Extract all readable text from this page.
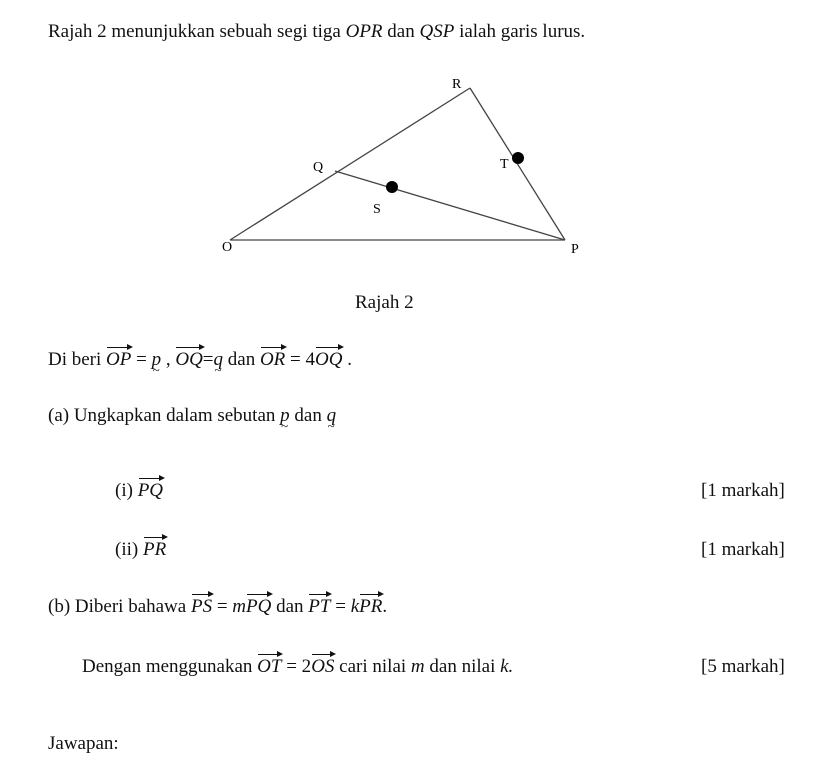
Rajah 2 menunjukkan sebuah segi tiga OPR dan QSP ialah garis lurus.
R
Q	T
S
O	P
Rajah 2
Di beri OP = p ~ , OQ=q ~ dan OR = 4OQ .
(a) Ungkapkan dalam sebutan p ~ dan q ~
(i) PQ	[1 markah]
(ii) PR	[1 markah]
(b) Diberi bahawa PS = mPQ dan PT = kPR.
Dengan menggunakan OT = 2OS cari nilai m dan nilai k.	[5 markah]
Jawapan:
